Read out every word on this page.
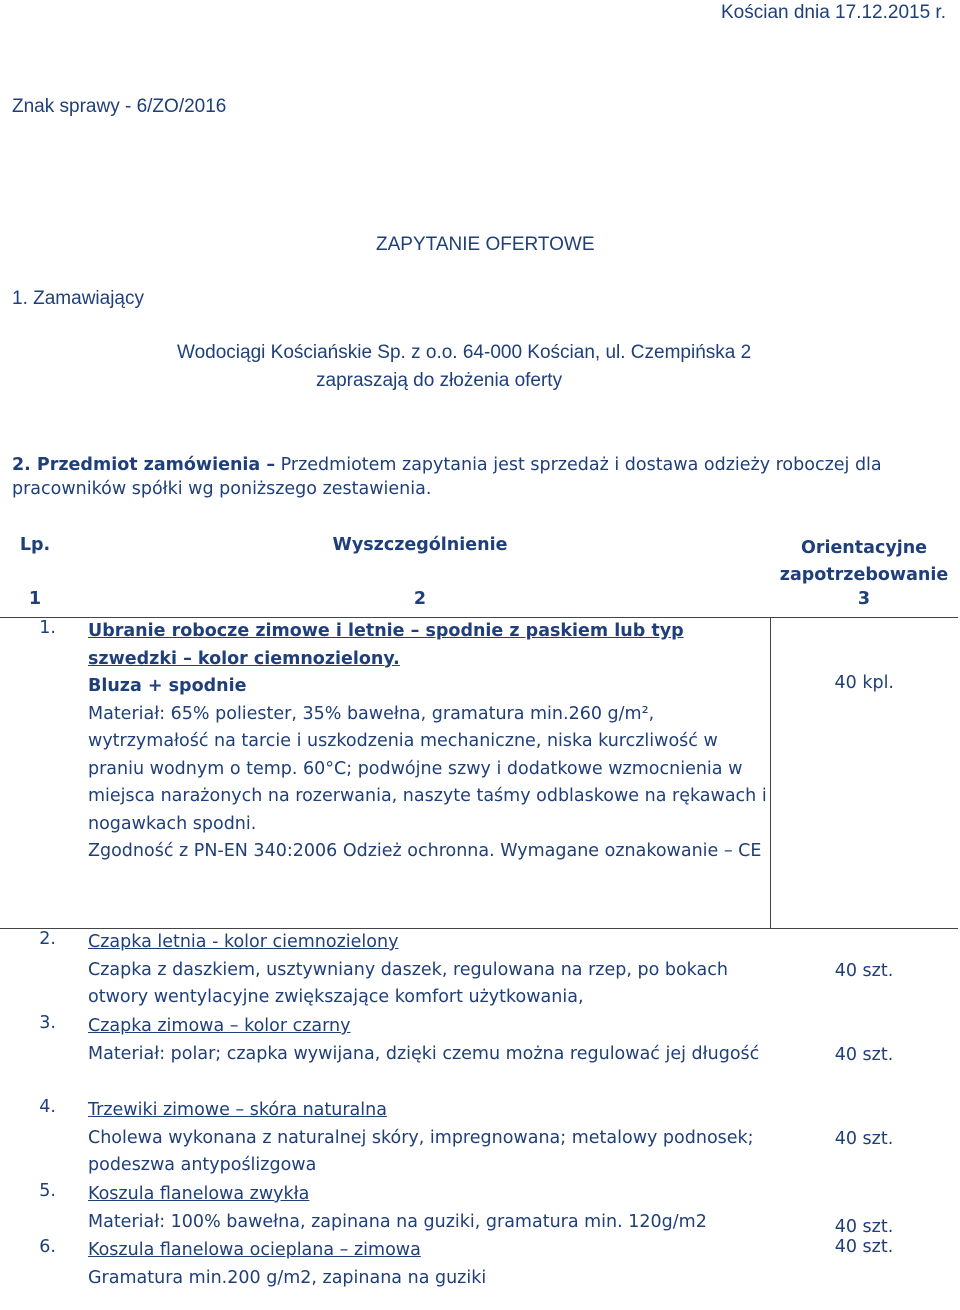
Kościan dnia 17.12.2015 r.
Znak sprawy - 6/ZO/2016
ZAPYTANIE OFERTOWE
1. Zamawiający
Wodociągi Kościańskie Sp. z o.o. 64-000 Kościan, ul. Czempińska 2
zapraszają do złożenia oferty
2. Przedmiot zamówienia – Przedmiotem zapytania jest sprzedaż i dostawa odzieży roboczej dla
pracowników spółki wg poniższego zestawienia.
Lp.	Wyszczególnienie	Orientacyjne zapotrzebowanie
1	2	3
1.	Ubranie robocze zimowe i letnie – spodnie z paskiem lub typ szwedzki – kolor ciemnozielony.
Bluza + spodnie
Materiał: 65% poliester, 35% bawełna, gramatura min.260 g/m², wytrzymałość na tarcie i uszkodzenia mechaniczne, niska kurczliwość w praniu wodnym o temp. 60°C; podwójne szwy i dodatkowe wzmocnienia w miejsca narażonych na rozerwania, naszyte taśmy odblaskowe na rękawach i nogawkach spodni.
Zgodność z PN-EN 340:2006 Odzież ochronna. Wymagane oznakowanie – CE	40 kpl.
2.	Czapka letnia - kolor ciemnozielony
Czapka z daszkiem, usztywniany daszek, regulowana na rzep, po bokach otwory wentylacyjne zwiększające komfort użytkowania,	40 szt.
3.	Czapka zimowa – kolor czarny
Materiał: polar; czapka wywijana, dzięki czemu można regulować jej długość	40 szt.
4.	Trzewiki zimowe – skóra naturalna
Cholewa wykonana z naturalnej skóry, impregnowana; metalowy podnosek; podeszwa antypoślizgowa	40 szt.
5.	Koszula flanelowa zwykła
Materiał: 100% bawełna, zapinana na guziki, gramatura min. 120g/m2	40 szt.
6.	Koszula flanelowa ocieplana – zimowa
Gramatura min.200 g/m2, zapinana na guziki	40 szt.
